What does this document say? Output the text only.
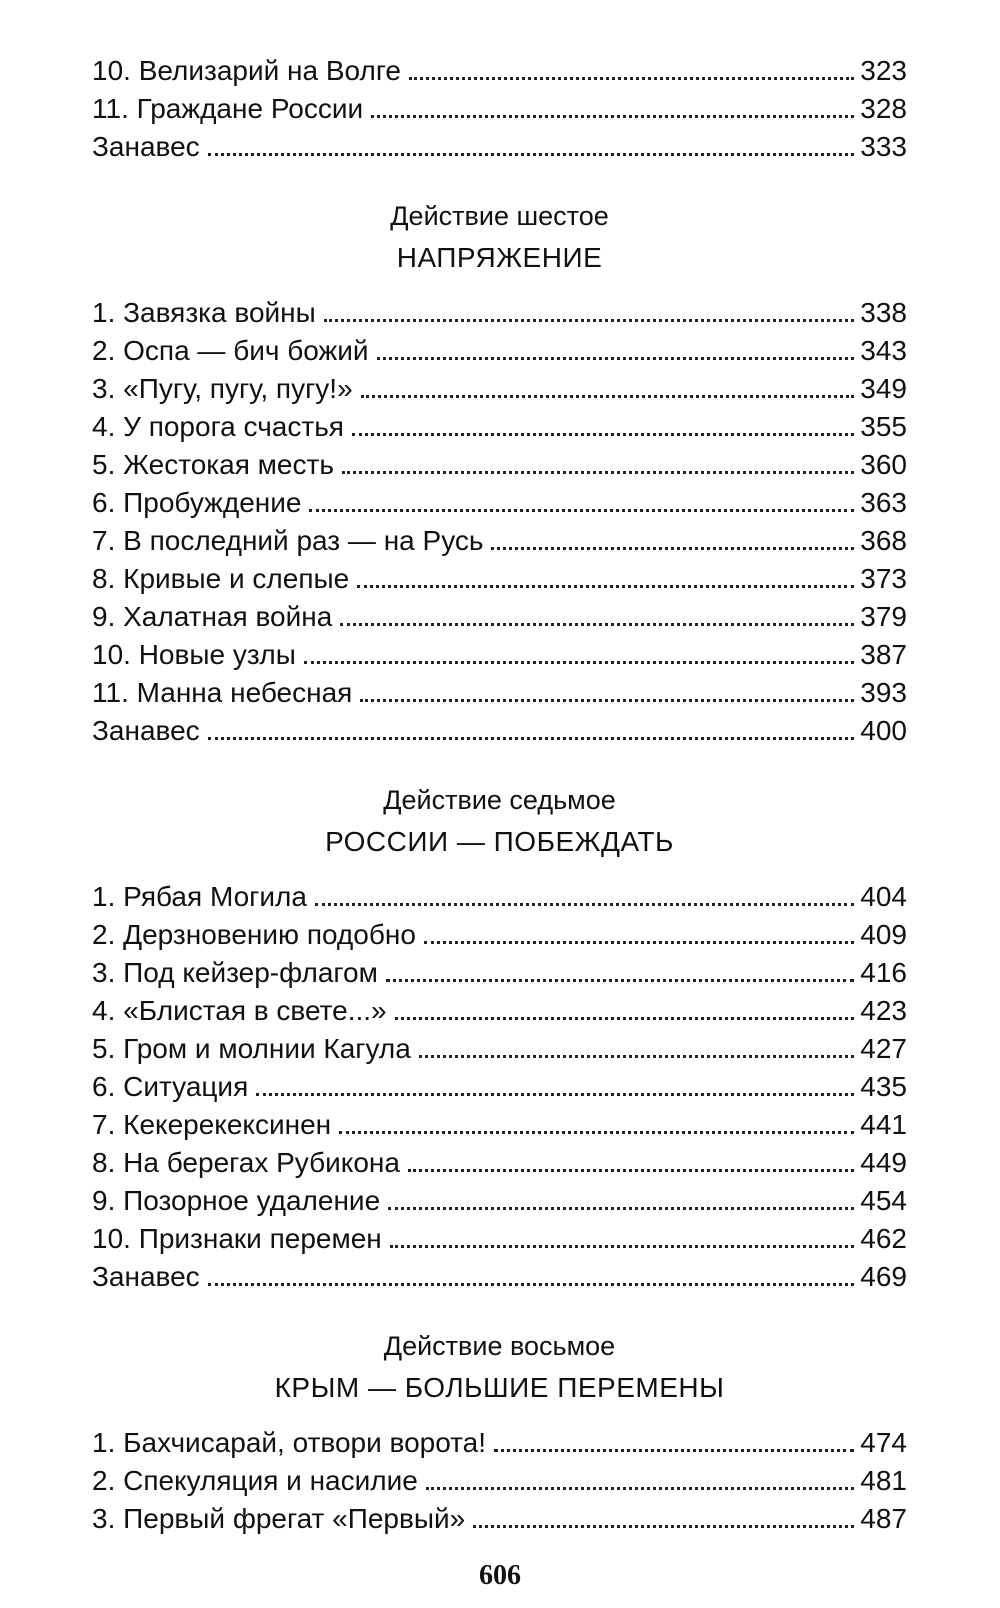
10. Велизарий на Волге	323
11. Граждане России	328
Занавес	333
Действие шестое
НАПРЯЖЕНИЕ
1. Завязка войны	338
2. Оспа — бич божий	343
3. «Пугу, пугу, пугу!»	349
4. У порога счастья	355
5. Жестокая месть	360
6. Пробуждение	363
7. В последний раз — на Русь	368
8. Кривые и слепые	373
9. Халатная война	379
10. Новые узлы	387
11. Манна небесная	393
Занавес	400
Действие седьмое
РОССИИ — ПОБЕЖДАТЬ
1. Рябая Могила	404
2. Дерзновению подобно	409
3. Под кейзер-флагом	416
4. «Блистая в свете...»	423
5. Гром и молнии Кагула	427
6. Ситуация	435
7. Кекерекексинен	441
8. На берегах Рубикона	449
9. Позорное удаление	454
10. Признаки перемен	462
Занавес	469
Действие восьмое
КРЫМ — БОЛЬШИЕ ПЕРЕМЕНЫ
1. Бахчисарай, отвори ворота!	474
2. Спекуляция и насилие	481
3. Первый фрегат «Первый»	487
606
